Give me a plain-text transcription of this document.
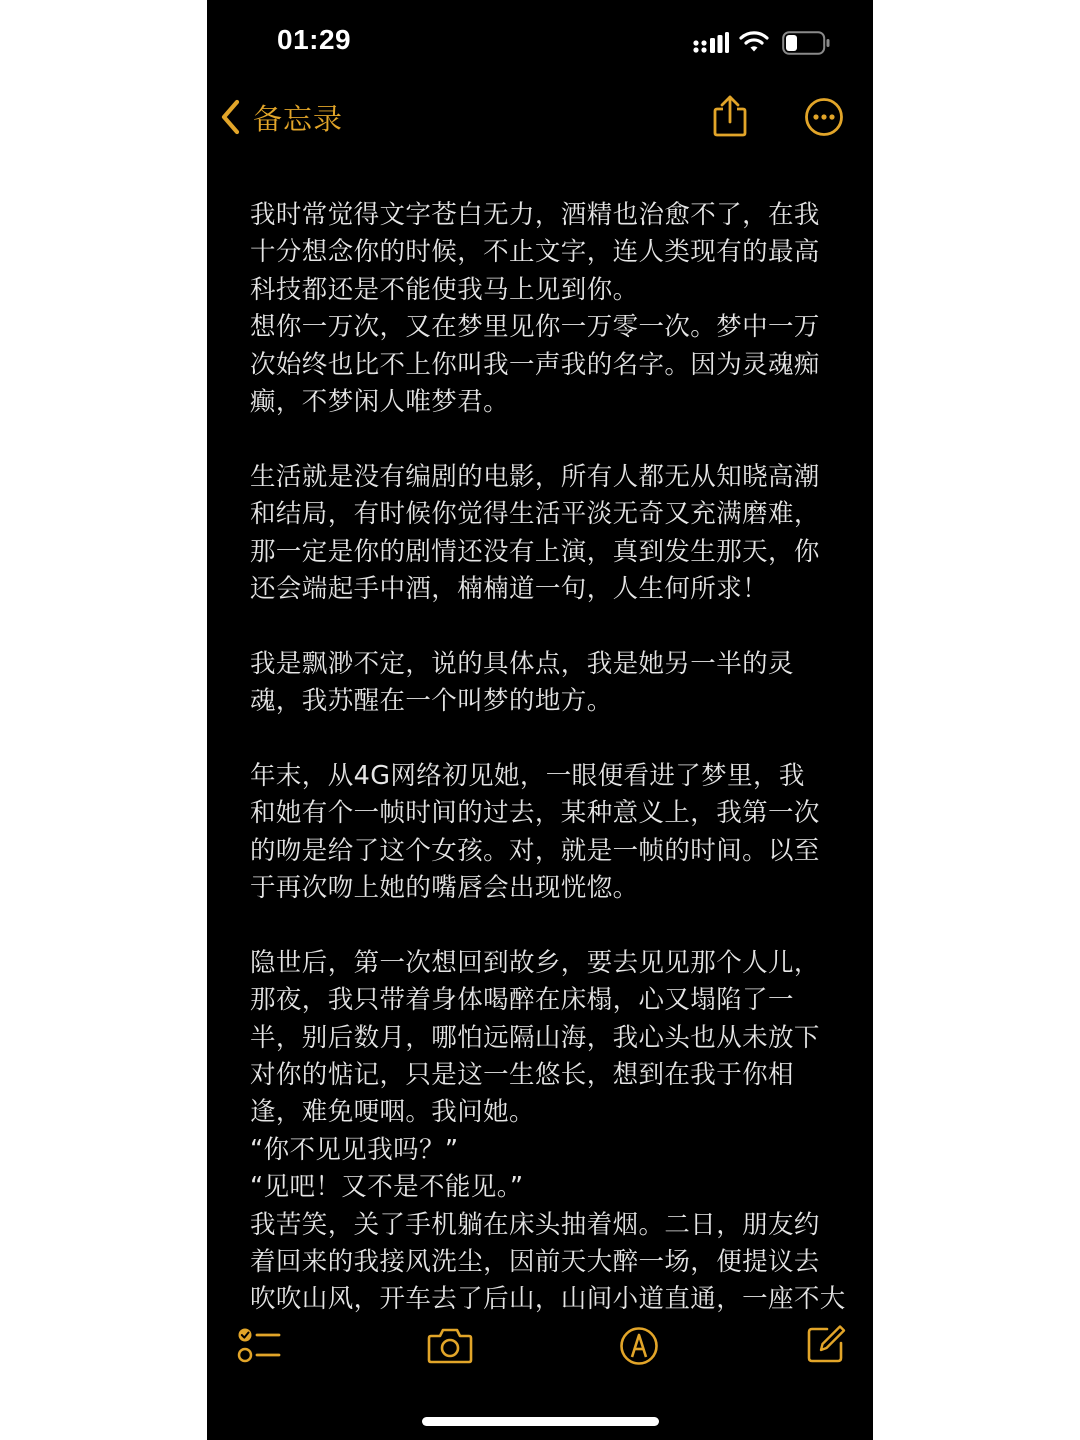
01:29
备忘录
我时常觉得文字苍白无力，酒精也治愈不了，在我
十分想念你的时候，不止文字，连人类现有的最高
科技都还是不能使我马上见到你。
想你一万次，又在梦里见你一万零一次。梦中一万
次始终也比不上你叫我一声我的名字。因为灵魂痴
癫，不梦闲人唯梦君。
生活就是没有编剧的电影，所有人都无从知晓高潮
和结局，有时候你觉得生活平淡无奇又充满磨难，
那一定是你的剧情还没有上演，真到发生那天，你
还会端起手中酒，楠楠道一句，人生何所求！
我是飘渺不定，说的具体点，我是她另一半的灵
魂，我苏醒在一个叫梦的地方。
年末，从4G网络初见她，一眼便看进了梦里，我
和她有个一帧时间的过去，某种意义上，我第一次
的吻是给了这个女孩。对，就是一帧的时间。以至
于再次吻上她的嘴唇会出现恍惚。
隐世后，第一次想回到故乡，要去见见那个人儿，
那夜，我只带着身体喝醉在床榻，心又塌陷了一
半，别后数月，哪怕远隔山海，我心头也从未放下
对你的惦记，只是这一生悠长，想到在我于你相
逢，难免哽咽。我问她。
“你不见见我吗？”
“见吧！又不是不能见。”
我苦笑，关了手机躺在床头抽着烟。二日，朋友约
着回来的我接风洗尘，因前天大醉一场，便提议去
吹吹山风，开车去了后山，山间小道直通，一座不大
